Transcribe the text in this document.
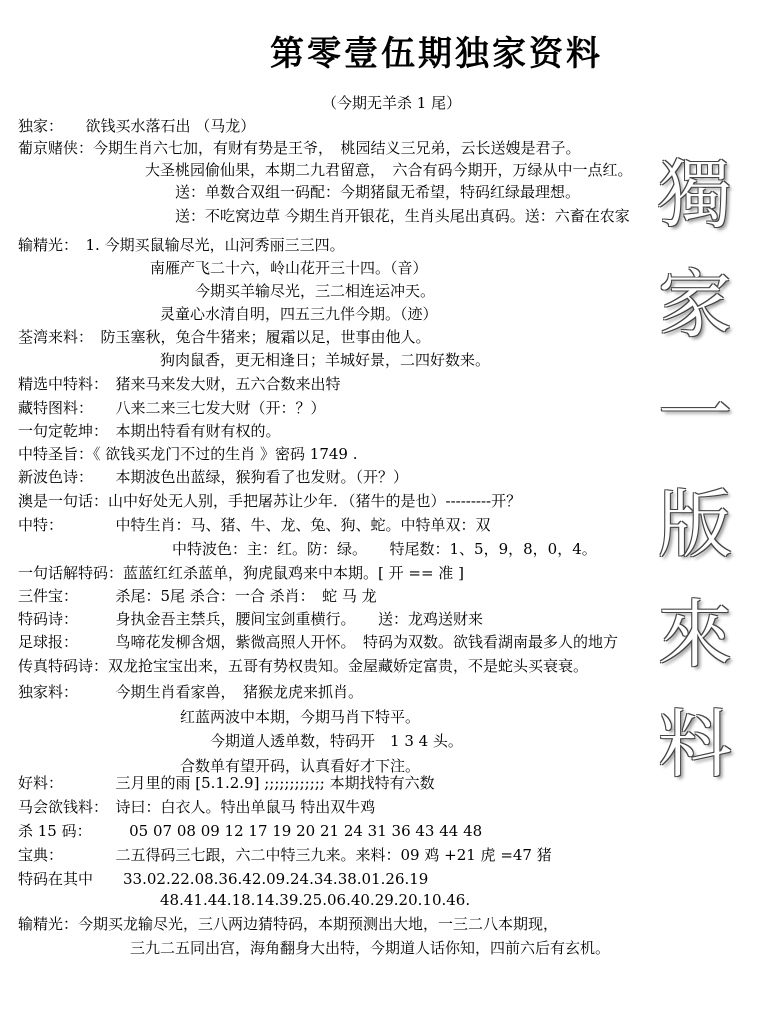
第零壹伍期独家资料
（今期无羊杀 1 尾）
獨
家
一
版
來
料
独家：　　欲钱买水落石出 （马龙）
葡京赌侠：今期生肖六七加，有财有势是王爷，　桃园结义三兄弟，云长送嫂是君子。
大圣桃园偷仙果，本期二九君留意，　六合有码今期开，万绿从中一点红。
送：单数合双组一码配：今期猪鼠无希望，特码红绿最理想。
送：不吃窝边草 今期生肖开银花，生肖头尾出真码。送：六畜在农家
输精光：　1. 今期买鼠输尽光，山河秀丽三三四。
南雁产飞二十六，岭山花开三十四。（音）
今期买羊输尽光，三二相连运冲天。
灵童心水清自明，四五三九伴今期。（迹）
荃湾来料：　防玉塞秋，兔合牛猪来；履霜以足，世事由他人。
狗肉鼠香，更无相逢日；羊城好景，二四好数来。
精选中特料：　猪来马来发大财，五六合数来出特
藏特图料：　　八来二来三七发大财（开：？）
一句定乾坤：　本期出特看有财有权的。
中特圣旨：《 欲钱买龙门不过的生肖 》密码 1749 .
新波色诗：　　本期波色出蓝绿，猴狗看了也发财。（开？）
澳是一句话：山中好处无人别，手把屠苏让少年．（猪牛的是也）---------开？
中特：　　　　中特生肖：马、猪、牛、龙、兔、狗、蛇。中特单双：双
中特波色：主：红。防：绿。　　特尾数：1、5，9，8，0，4。
一句话解特码：蓝蓝红红杀蓝单，狗虎鼠鸡来中本期。[ 开 == 准 ]
三件宝：　　　杀尾：5尾 杀合：一合 杀肖：　蛇 马 龙
特码诗：　　　身执金吾主禁兵，腰间宝剑重横行。　　送：龙鸡送财来
足球报：　　　鸟啼花发柳含烟，紫微高照人开怀。　特码为双数。欲钱看湖南最多人的地方
传真特码诗：双龙抢宝宝出来，五哥有势权贵知。金屋藏娇定富贵，不是蛇头买衰衰。
独家料：　　　今期生肖看家兽，　猪猴龙虎来抓肖。
红蓝两波中本期，今期马肖下特平。
今期道人透单数，特码开　1 3 4 头。
合数单有望开码，认真看好才下注。
好料：　　　　三月里的雨 [5.1.2.9] ;;;;;;;;;;;; 本期找特有六数
马会欲钱料：　诗曰：白衣人。特出单鼠马 特出双牛鸡
杀 15 码：　　　05 07 08 09 12 17 19 20 21 24 31 36 43 44 48
宝典：　　　　二五得码三七跟，六二中特三九来。来料：09 鸡 +21 虎 =47 猪
特码在其中　　33.02.22.08.36.42.09.24.34.38.01.26.19
48.41.44.18.14.39.25.06.40.29.20.10.46.
输精光：今期买龙输尽光，三八两边猜特码，本期预测出大地，一三二八本期现，
三九二五同出宫，海角翻身大出特，今期道人话你知，四前六后有玄机。
